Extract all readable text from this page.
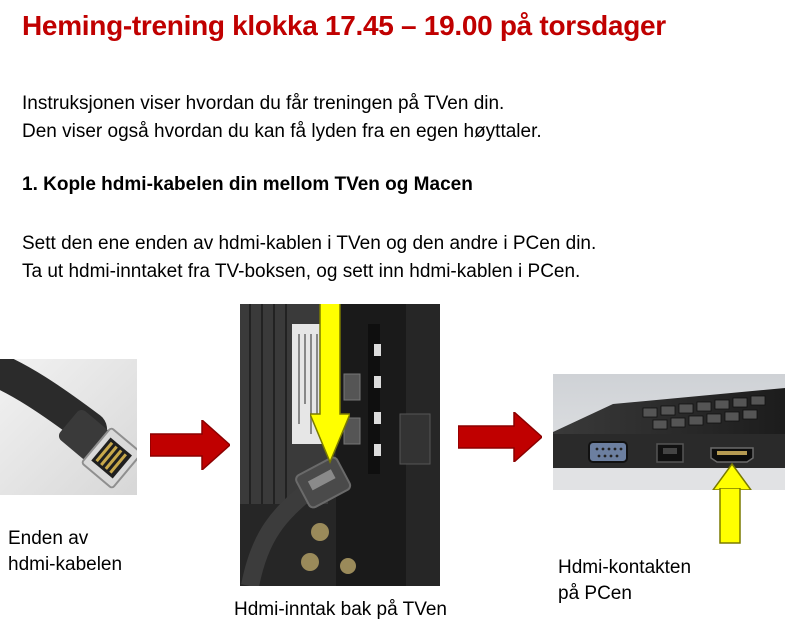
Heming-trening klokka 17.45 – 19.00 på torsdager
Instruksjonen viser hvordan du får treningen på TVen din.
Den viser også hvordan du kan få lyden fra en egen høyttaler.
1. Kople hdmi-kabelen din mellom TVen og Macen
Sett den ene enden av hdmi-kablen i TVen og den andre i PCen din.
Ta ut hdmi-inntaket fra TV-boksen, og sett inn hdmi-kablen i PCen.
Enden av
hdmi-kabelen
Hdmi-inntak bak på TVen
Hdmi-kontakten
på PCen
